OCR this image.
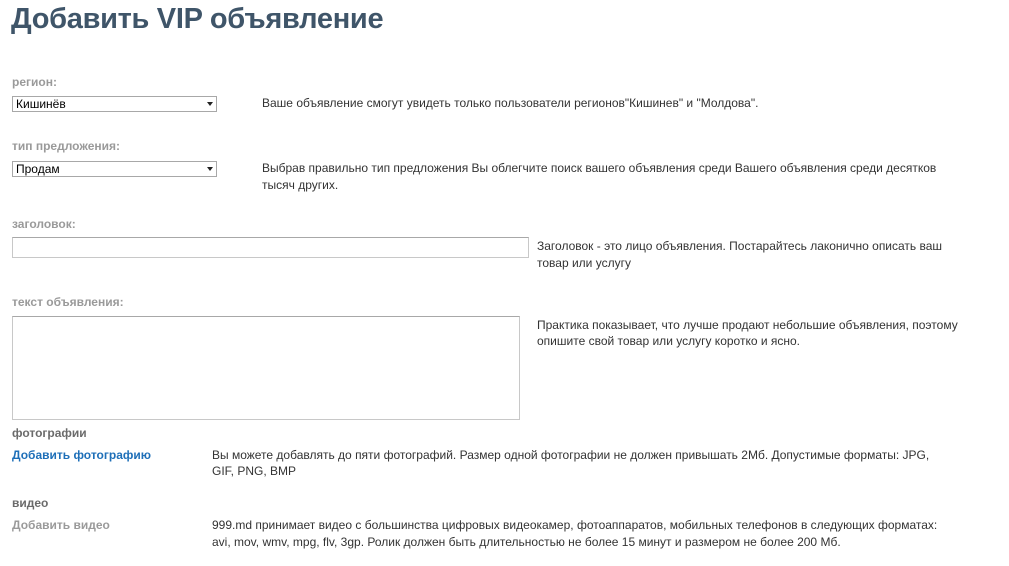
Добавить VIP объявление
регион:
Кишинёв	Ваше объявление смогут увидеть только пользователи регионов"Кишинев" и "Молдова".
тип предложения:
Продам	Выбрав правильно тип предложения Вы облегчите поиск вашего объявления среди Вашего объявления среди десятков
тысяч других.
заголовок:
Заголовок - это лицо объявления. Постарайтесь лаконично описать ваш
товар или услугу
текст объявления:
Практика показывает, что лучше продают небольшие объявления, поэтому
опишите свой товар или услугу коротко и ясно.
фотографии
Добавить фотографию	Вы можете добавлять до пяти фотографий. Размер одной фотографии не должен привышать 2Мб. Допустимые форматы: JPG,
GIF, PNG, BMP
видео
Добавить видео	999.md принимает видео с большинства цифровых видеокамер, фотоаппаратов, мобильных телефонов в следующих форматах:
avi, mov, wmv, mpg, flv, 3gp. Ролик должен быть длительностью не более 15 минут и размером не более 200 Мб.
